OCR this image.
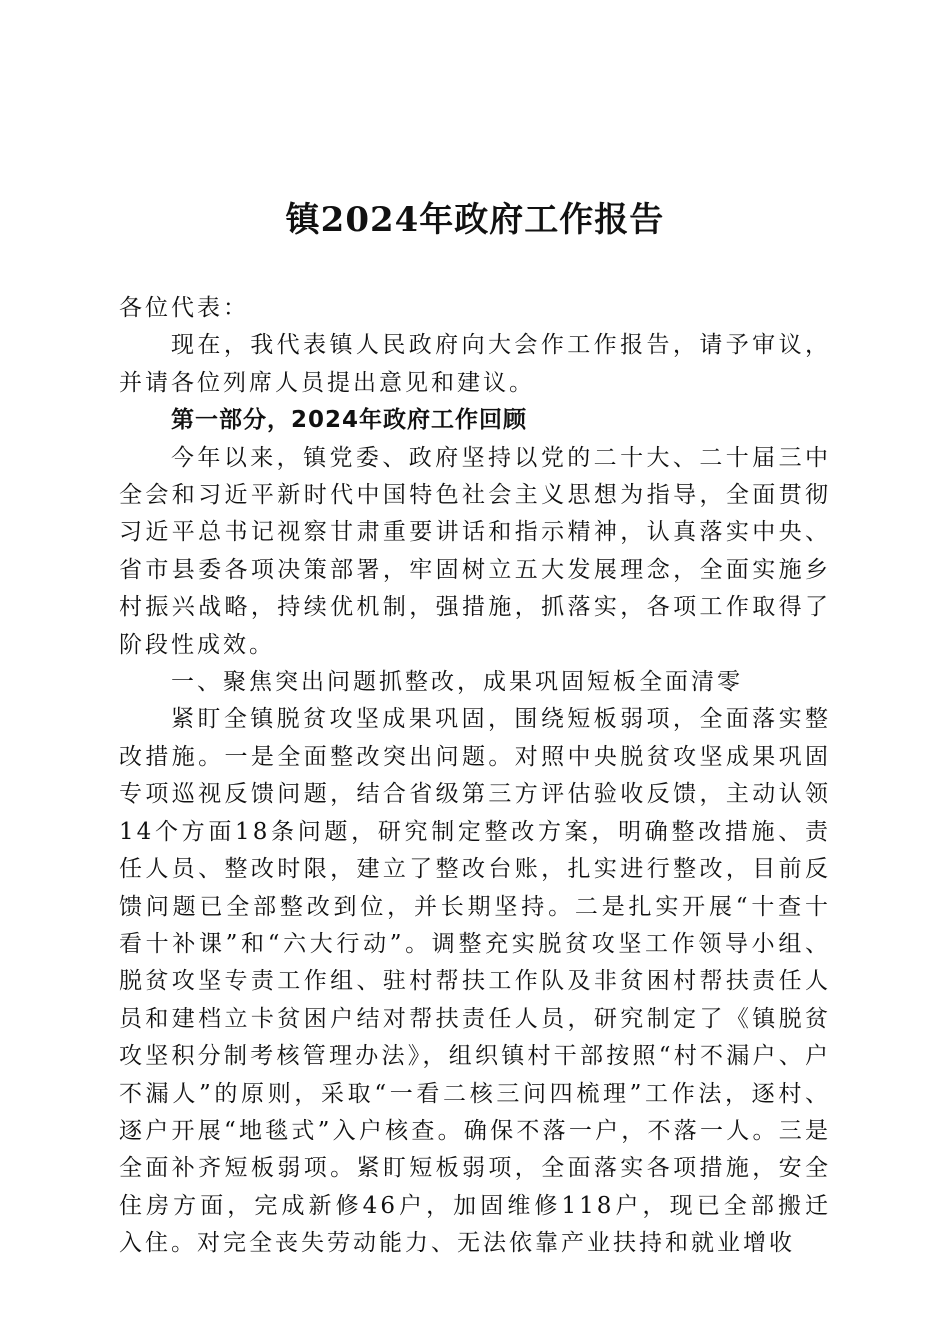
镇2024年政府工作报告

各位代表：

现在，我代表镇人民政府向大会作工作报告，请予审议，并请各位列席人员提出意见和建议。

第一部分，2024年政府工作回顾

今年以来，镇党委、政府坚持以党的二十大、二十届三中全会和习近平新时代中国特色社会主义思想为指导，全面贯彻习近平总书记视察甘肃重要讲话和指示精神，认真落实中央、省市县委各项决策部署，牢固树立五大发展理念，全面实施乡村振兴战略，持续优机制，强措施，抓落实，各项工作取得了阶段性成效。

一、聚焦突出问题抓整改，成果巩固短板全面清零

紧盯全镇脱贫攻坚成果巩固，围绕短板弱项，全面落实整改措施。一是全面整改突出问题。对照中央脱贫攻坚成果巩固专项巡视反馈问题，结合省级第三方评估验收反馈，主动认领14个方面18条问题，研究制定整改方案，明确整改措施、责任人员、整改时限，建立了整改台账，扎实进行整改，目前反馈问题已全部整改到位，并长期坚持。二是扎实开展“十查十看十补课”和“六大行动”。调整充实脱贫攻坚工作领导小组、脱贫攻坚专责工作组、驻村帮扶工作队及非贫困村帮扶责任人员和建档立卡贫困户结对帮扶责任人员，研究制定了《镇脱贫攻坚积分制考核管理办法》，组织镇村干部按照“村不漏户、户不漏人”的原则，采取“一看二核三问四梳理”工作法，逐村、逐户开展“地毯式”入户核查。确保不落一户，不落一人。三是全面补齐短板弱项。紧盯短板弱项，全面落实各项措施，安全住房方面，完成新修46户，加固维修118户，现已全部搬迁入住。对完全丧失劳动能力、无法依靠产业扶持和就业增收
